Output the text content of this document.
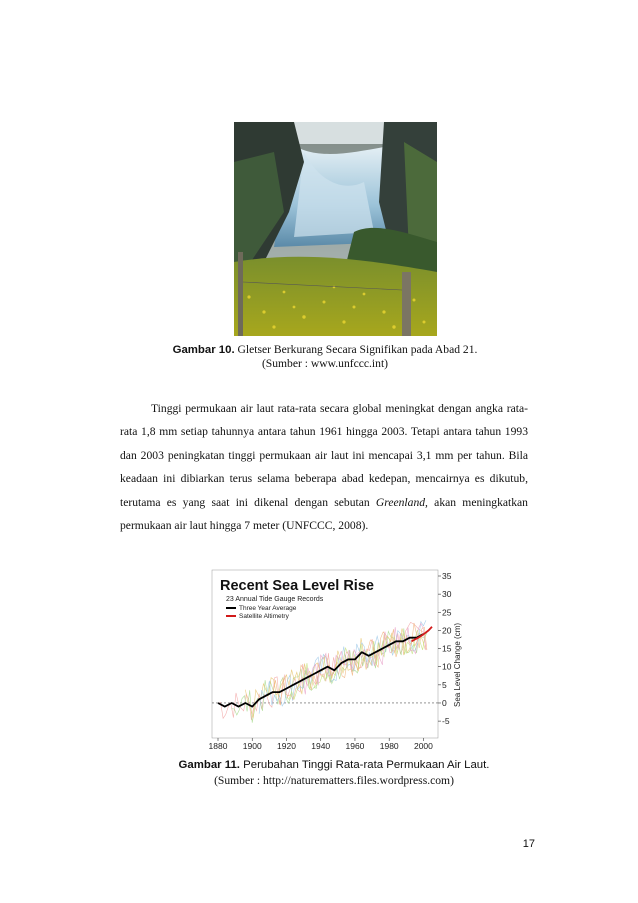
Gambar 10. Gletser Berkurang Secara Signifikan pada Abad 21.
(Sumber : www.unfccc.int)
Tinggi permukaan air laut rata-rata secara global meningkat dengan angka rata-rata 1,8 mm setiap tahunnya antara tahun 1961 hingga 2003. Tetapi antara tahun 1993 dan 2003 peningkatan tinggi permukaan air laut ini mencapai 3,1 mm per tahun. Bila keadaan ini dibiarkan terus selama beberapa abad kedepan, mencairnya es dikutub, terutama es yang saat ini dikenal dengan sebutan Greenland, akan meningkatkan permukaan air laut hingga 7 meter (UNFCCC, 2008).
1880 1900 1920 1940 1960 1980 2000
-5
0
5
10
15
20
25
30
35
Recent Sea Level Rise
23 Annual Tide Gauge Records
Three Year Average
Satellite Altimetry
Sea Level Change (cm)
Gambar 11. Perubahan Tinggi Rata-rata Permukaan Air Laut.
(Sumber : http://naturematters.files.wordpress.com)
17
